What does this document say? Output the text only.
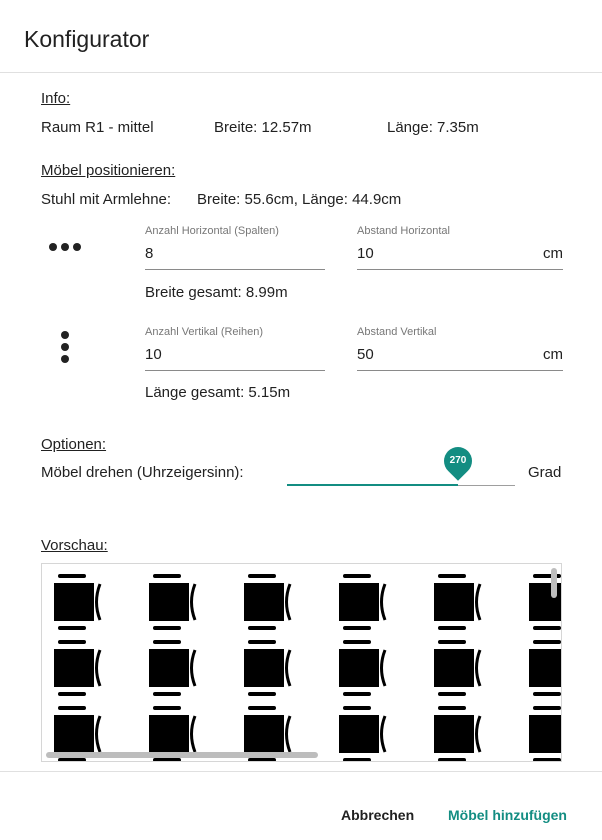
Konfigurator
Info:
Raum R1 - mittel	Breite: 12.57m	Länge: 7.35m
Möbel positionieren:
Stuhl mit Armlehne: Breite: 55.6cm, Länge: 44.9cm
Anzahl Horizontal (Spalten)
8
Abstand Horizontal
10	cm
Breite gesamt: 8.99m
Anzahl Vertikal (Reihen)
10
Abstand Vertikal
50	cm
Länge gesamt: 5.15m
Optionen:
Möbel drehen (Uhrzeigersinn):
270
Grad
Vorschau:
Abbrechen Möbel hinzufügen
